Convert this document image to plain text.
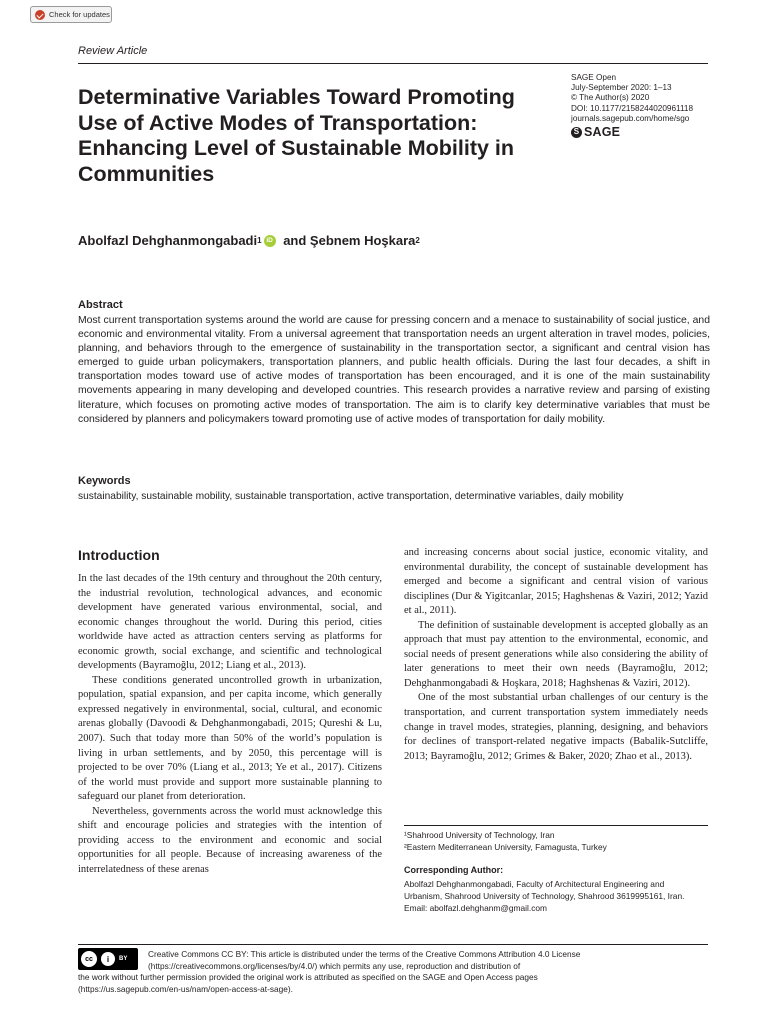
Check for updates
Review Article
SAGE Open
July-September 2020: 1–13
© The Author(s) 2020
DOI: 10.1177/2158244020961118
journals.sagepub.com/home/sgo
S SAGE
Determinative Variables Toward Promoting Use of Active Modes of Transportation: Enhancing Level of Sustainable Mobility in Communities
Abolfazl Dehghanmongabadi 1 iD and Şebnem Hoşkara 2
Abstract
Most current transportation systems around the world are cause for pressing concern and a menace to sustainability of social justice, and economic and environmental vitality. From a universal agreement that transportation needs an urgent alteration in travel modes, policies, planning, and behaviors through to the emergence of sustainability in the transportation sector, a significant and central vision has emerged to guide urban policymakers, transportation planners, and public health officials. During the last four decades, a shift in transportation modes toward use of active modes of transportation has been encouraged, and it is one of the main sustainability movements appearing in many developing and developed countries. This research provides a narrative review and parsing of existing literature, which focuses on promoting active modes of transportation. The aim is to clarify key determinative variables that must be considered by planners and policymakers toward promoting use of active modes of transportation for daily mobility.
Keywords
sustainability, sustainable mobility, sustainable transportation, active transportation, determinative variables, daily mobility
Introduction

In the last decades of the 19th century and throughout the 20th century, the industrial revolution, technological advances, and economic development have generated various environmental, social, and economic changes throughout the world. During this period, cities worldwide have acted as attraction centers serving as platforms for economic growth, social exchange, and scientific and technological developments (Bayramoğlu, 2012; Liang et al., 2013).

These conditions generated uncontrolled growth in urbanization, population, spatial expansion, and per capita income, which generally expressed negatively in environmental, social, cultural, and economic arenas globally (Davoodi & Dehghanmongabadi, 2015; Qureshi & Lu, 2007). Such that today more than 50% of the world’s population is living in urban settlements, and by 2050, this percentage will is projected to be over 70% (Liang et al., 2013; Ye et al., 2017). Citizens of the world must provide and support more sustainable planning to safeguard our planet from deterioration.

Nevertheless, governments across the world must acknowledge this shift and encourage policies and strategies with the intention of providing access to the environment and economic and social opportunities for all people. Because of increasing awareness of the interrelatedness of these arenas

and increasing concerns about social justice, economic vitality, and environmental durability, the concept of sustainable development has emerged and become a significant and central vision of various disciplines (Dur & Yigitcanlar, 2015; Haghshenas & Vaziri, 2012; Yazid et al., 2011).

The definition of sustainable development is accepted globally as an approach that must pay attention to the environmental, economic, and social needs of present generations while also considering the ability of later generations to meet their own needs (Bayramoğlu, 2012; Dehghanmongabadi & Hoşkara, 2018; Haghshenas & Vaziri, 2012).

One of the most substantial urban challenges of our century is the transportation, and current transportation system immediately needs change in travel modes, strategies, planning, designing, and behaviors for declines of transport-related negative impacts (Babalik-Sutcliffe, 2013; Bayramoğlu, 2012; Grimes & Baker, 2020; Zhao et al., 2013).

¹Shahrood University of Technology, Iran
²Eastern Mediterranean University, Famagusta, Turkey
Corresponding Author:
Abolfazl Dehghanmongabadi, Faculty of Architectural Engineering and Urbanism, Shahrood University of Technology, Shahrood 3619995161, Iran.
Email: abolfazl.dehghanm@gmail.com
cc	i	BY	Creative Commons CC BY: This article is distributed under the terms of the Creative Commons Attribution 4.0 License
(https://creativecommons.org/licenses/by/4.0/) which permits any use, reproduction and distribution of
the work without further permission provided the original work is attributed as specified on the SAGE and Open Access pages
(https://us.sagepub.com/en-us/nam/open-access-at-sage).
